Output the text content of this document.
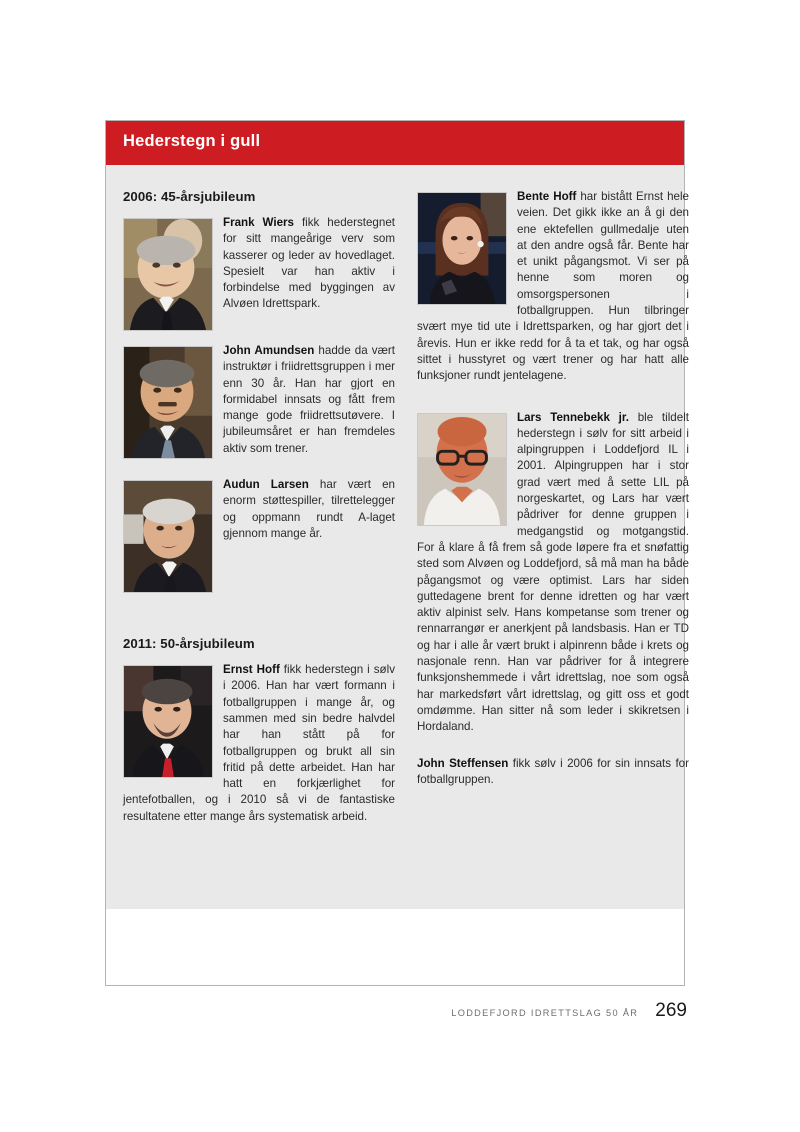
Hederstegn i gull
2006: 45-årsjubileum

Frank Wiers fikk hederstegnet for sitt mangeårige verv som kasserer og leder av hovedlaget. Spesielt var han aktiv i forbindelse med byggingen av Alvøen Idrettspark.

John Amundsen hadde da vært instruktør i friidrettsgruppen i mer enn 30 år. Han har gjort en formidabel innsats og fått frem mange gode friidrettsutøvere. I jubileumsåret er han fremdeles aktiv som trener.

Audun Larsen har vært en enorm støttespiller, tilrettelegger og oppmann rundt A-laget gjennom mange år.

2011: 50-årsjubileum

Ernst Hoff fikk hederstegn i sølv i 2006. Han har vært formann i fotballgruppen i mange år, og sammen med sin bedre halvdel har han stått på for fotballgruppen og brukt all sin fritid på dette arbeidet. Han har hatt en forkjærlighet for jentefotballen, og i 2010 så vi de fantastiske resultatene etter mange års systematisk arbeid.

Bente Hoff har bistått Ernst hele veien. Det gikk ikke an å gi den ene ektefellen gullmedalje uten at den andre også får. Bente har et unikt pågangsmot. Vi ser på henne som moren og omsorgspersonen i fotballgruppen. Hun tilbringer svært mye tid ute i Idrettsparken, og har gjort det i årevis. Hun er ikke redd for å ta et tak, og har også sittet i husstyret og vært trener og har hatt alle funksjoner rundt jentelagene.

Lars Tennebekk jr. ble tildelt hederstegn i sølv for sitt arbeid i alpingruppen i Loddefjord IL i 2001. Alpingruppen har i stor grad vært med å sette LIL på norgeskartet, og Lars har vært pådriver for denne gruppen i medgangstid og motgangstid. For å klare å få frem så gode løpere fra et snøfattig sted som Alvøen og Loddefjord, så må man ha både pågangsmot og være optimist. Lars har siden guttedagene brent for denne idretten og har vært aktiv alpinist selv. Hans kompetanse som trener og rennarrangør er anerkjent på landsbasis. Han er TD og har i alle år vært brukt i alpinrenn både i krets og nasjonale renn. Han var pådriver for å integrere funksjonshemmede i vårt idrettslag, noe som også har markedsført vårt idrettslag, og gitt oss et godt omdømme. Han sitter nå som leder i skikretsen i Hordaland.

John Steffensen fikk sølv i 2006 for sin innsats for fotballgruppen.

LODDEFJORD IDRETTSLAG 50 ÅR 269
